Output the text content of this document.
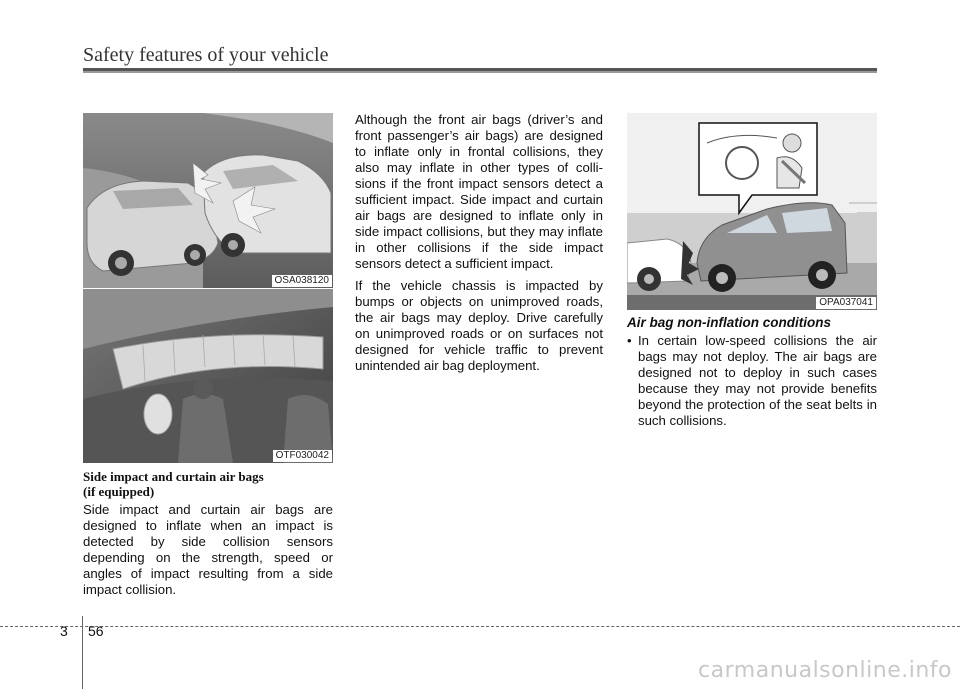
Safety features of your vehicle
OSA038120
OTF030042
Side impact and curtain air bags
(if equipped)

Side impact and curtain air bags are designed to inflate when an impact is detected by side collision sensors depending on the strength, speed or angles of impact resulting from a side impact collision.

Although the front air bags (driver’s and front passenger’s air bags) are designed to inflate only in frontal collisions, they also may inflate in other types of colli-sions if the front impact sensors detect a sufficient impact. Side impact and curtain air bags are designed to inflate only in side impact collisions, but they may inflate in other collisions if the side impact sensors detect a sufficient impact.

If the vehicle chassis is impacted by bumps or objects on unimproved roads, the air bags may deploy. Drive carefully on unimproved roads or on surfaces not designed for vehicle traffic to prevent unintended air bag deployment.

OPA037041
Air bag non-inflation conditions
• In certain low-speed collisions the air bags may not deploy. The air bags are designed not to deploy in such cases because they may not provide benefits beyond the protection of the seat belts in such collisions.
3 56
carmanualsonline.info
